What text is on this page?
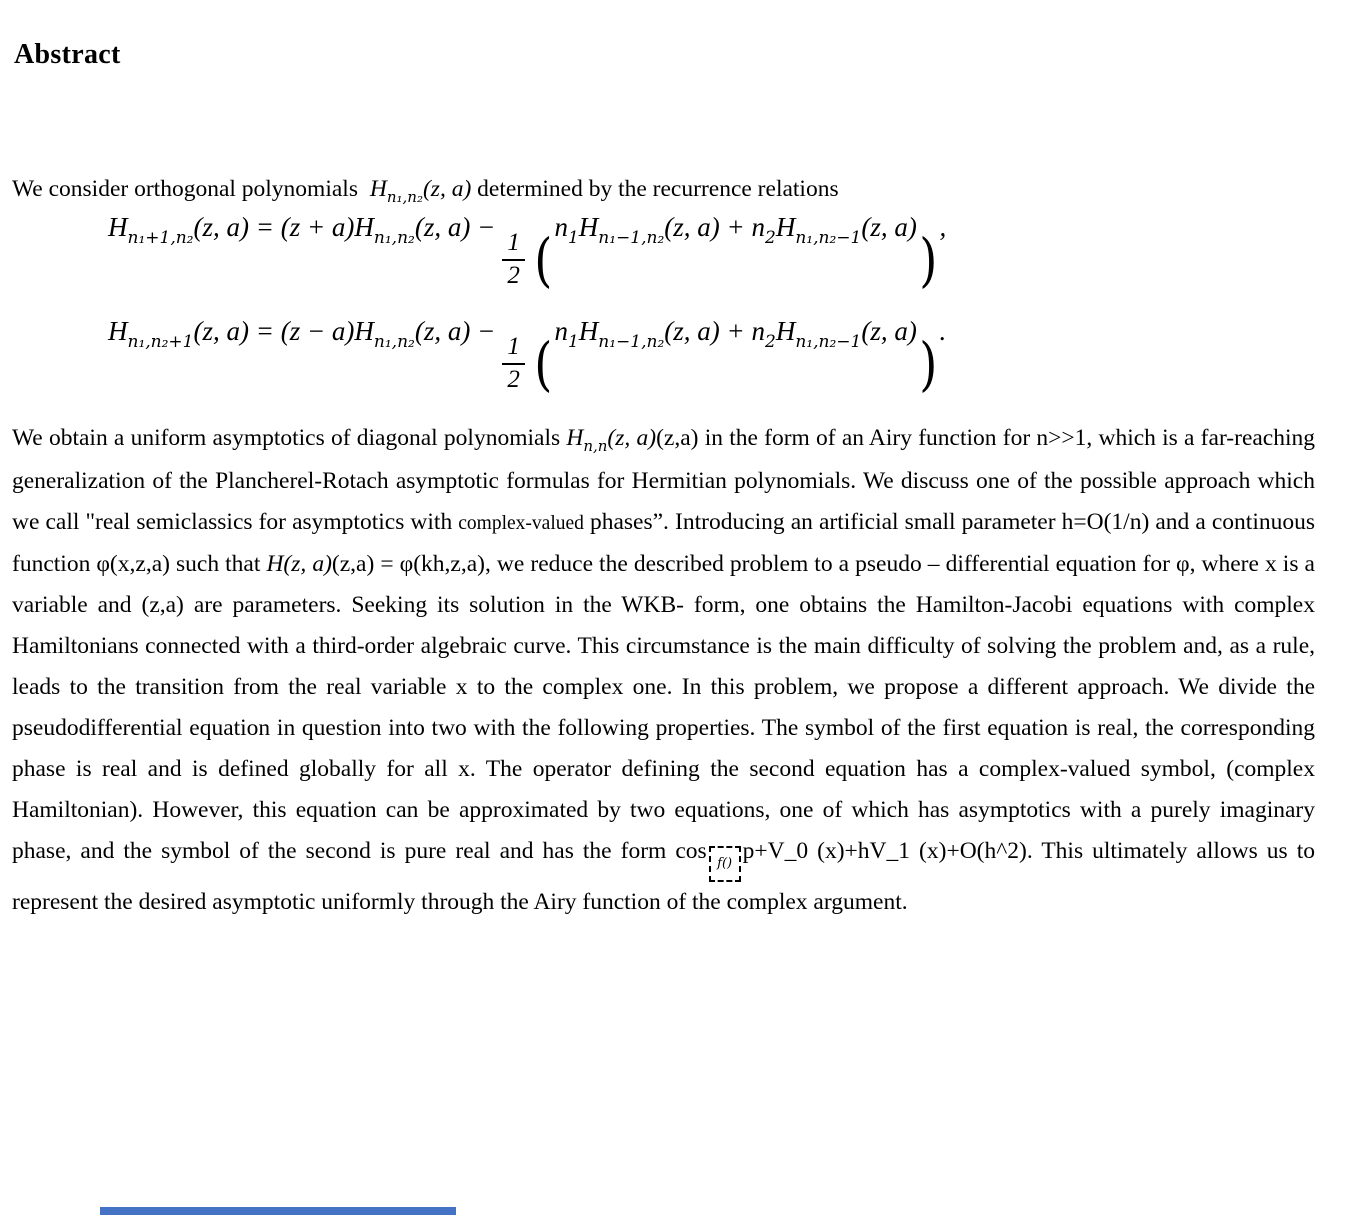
Abstract
We consider orthogonal polynomials $H_{n_1,n_2}(z$, a) determined by the recurrence relations
H n₁+1,n₂ (z, a) = (z + a)H n₁,n₂ (z, a) −
$\frac{1}{2}$ ( n 1 H n₁−1,n₂ (z, a) + n 2 H n₁,n₂−1 (z, a) ) ,
H n₁,n₂+1 (z, a) = (z − a)H n₁,n₂ (z, a) −
$\frac{1}{2}$ ( n 1 H n₁−1,n₂ (z, a) + n 2 H n₁,n₂−1 (z, a) ) .
We obtain a uniform asymptotics of diagonal polynomials $H_{n,n}(z$, a)(z,a) in the form of an Airy function for n>>1, which is a far-reaching generalization of the Plancherel-Rotach asymptotic formulas for Hermitian polynomials. We discuss one of the possible approach which we call "real semiclassics for asymptotics with complex-valued phases”. Introducing an artificial small parameter h=O(1/n) and a continuous function φ(x,z,a) such that H(z, a)(z,a) = φ(kh,z,a), we reduce the described problem to a pseudo – differential equation for φ, where x is a variable and (z,a) are parameters. Seeking its solution in the WKB- form, one obtains the Hamilton-Jacobi equations with complex Hamiltonians connected with a third-order algebraic curve. This circumstance is the main difficulty of solving the problem and, as a rule, leads to the transition from the real variable x to the complex one. In this problem, we propose a different approach. We divide the pseudodifferential equation in question into two with the following properties. The symbol of the first equation is real, the corresponding phase is real and is defined globally for all x. The operator defining the second equation has a complex-valued symbol, (complex Hamiltonian). However, this equation can be approximated by two equations, one of which has asymptotics with a purely imaginary phase, and the symbol of the second is pure real and has the form cos f() p+V_0 (x)+hV_1 (x)+O(h^2). This ultimately allows us to represent the desired asymptotic uniformly through the Airy function of the complex argument.
